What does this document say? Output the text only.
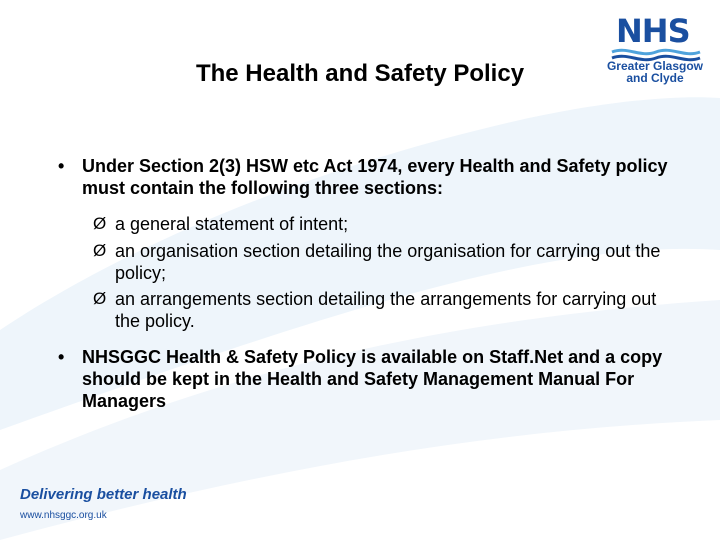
The Health and Safety Policy
NHS
Greater Glasgow
and Clyde
• Under Section 2(3) HSW etc Act 1974, every Health and Safety policy must contain the following three sections:
Ø a general statement of intent;
Ø an organisation section detailing the organisation for carrying out the policy;
Ø an arrangements section detailing the arrangements for carrying out the policy.
• NHSGGC Health & Safety Policy is available on Staff.Net and a copy should be kept in the Health and Safety Management Manual For Managers
Delivering better health
www.nhsggc.org.uk
